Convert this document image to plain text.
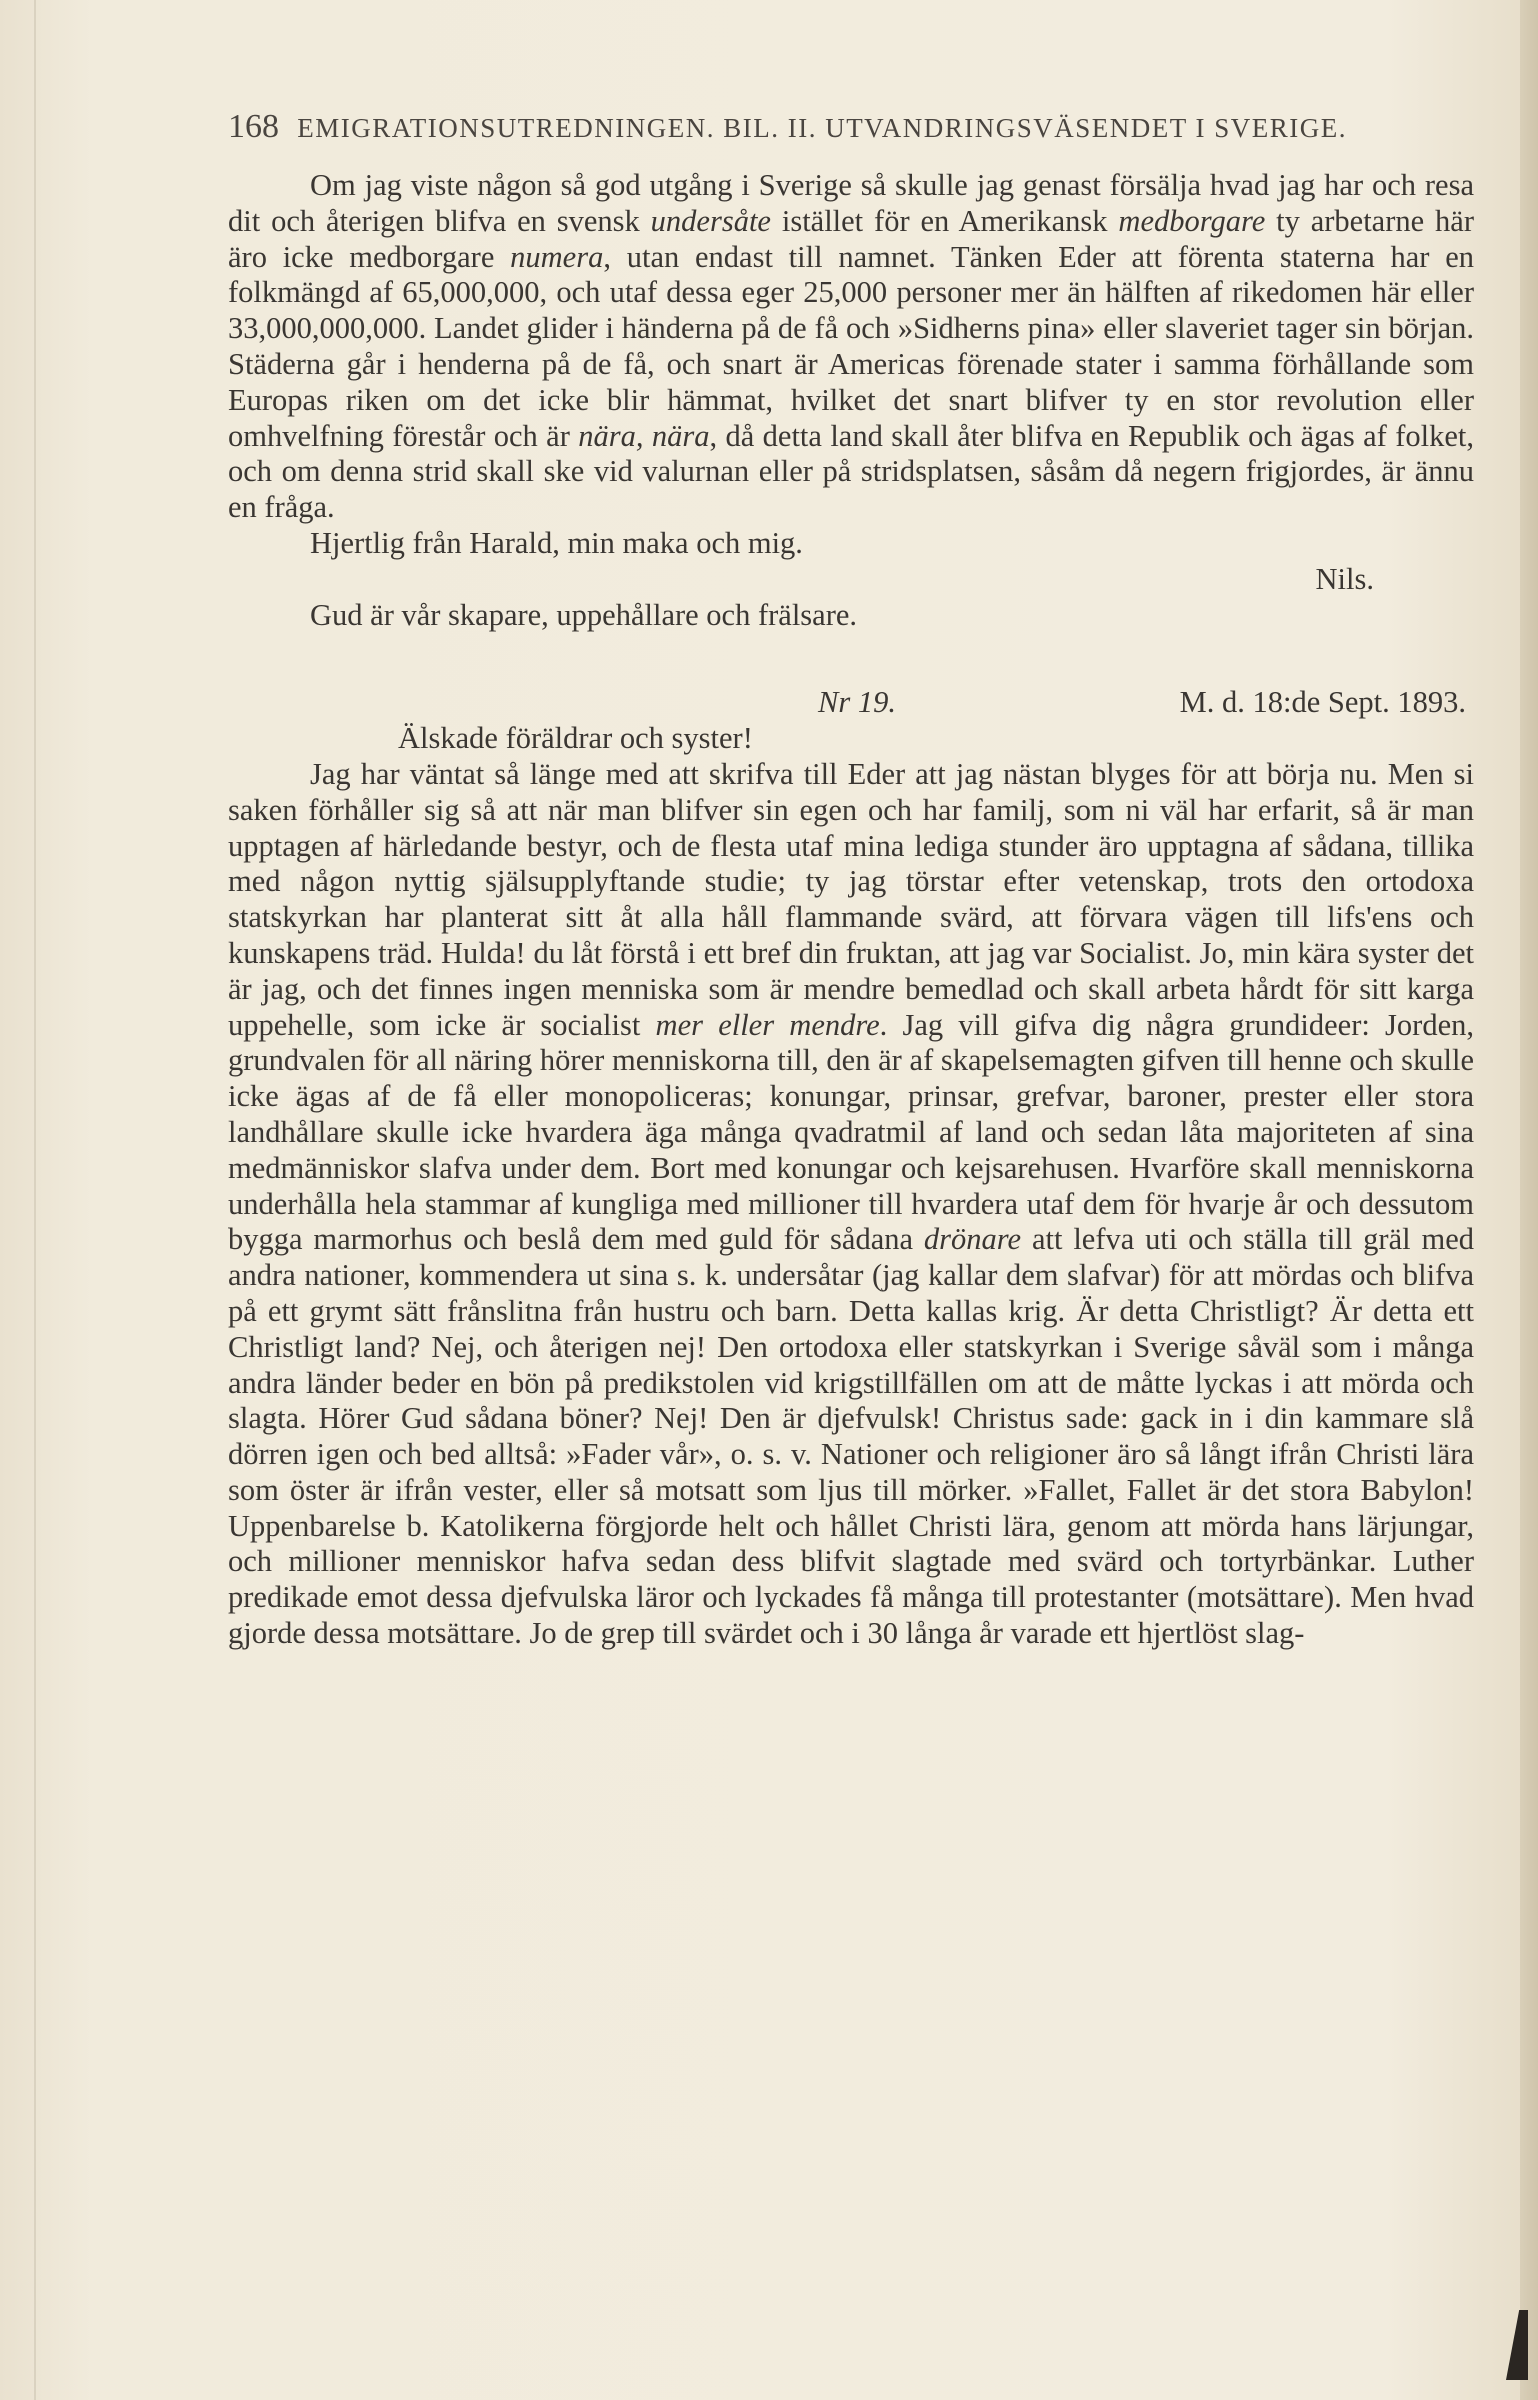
168 EMIGRATIONSUTREDNINGEN. BIL. II. UTVANDRINGSVÄSENDET I SVERIGE.

Om jag viste någon så god utgång i Sverige så skulle jag genast försälja hvad jag har och resa dit och återigen blifva en svensk undersåte istället för en Amerikansk medborgare ty arbetarne här äro icke medborgare numera, utan endast till namnet. Tänken Eder att förenta staterna har en folkmängd af 65,000,000, och utaf dessa eger 25,000 personer mer än hälften af rikedomen här eller 33,000,000,000. Landet glider i händerna på de få och »Sidherns pina» eller slaveriet tager sin början. Städerna går i henderna på de få, och snart är Americas förenade stater i samma förhållande som Europas riken om det icke blir hämmat, hvilket det snart blifver ty en stor revolution eller omhvelfning förestår och är nära, nära, då detta land skall åter blifva en Republik och ägas af folket, och om denna strid skall ske vid valurnan eller på stridsplatsen, såsåm då negern frigjordes, är ännu en fråga.

Hjertlig från Harald, min maka och mig.

Nils.

Gud är vår skapare, uppehållare och frälsare.

Nr 19.	M. d. 18:de Sept. 1893.

Älskade föräldrar och syster!

Jag har väntat så länge med att skrifva till Eder att jag nästan blyges för att börja nu. Men si saken förhåller sig så att när man blifver sin egen och har familj, som ni väl har erfarit, så är man upptagen af härledande bestyr, och de flesta utaf mina lediga stunder äro upptagna af sådana, tillika med någon nyttig själsupplyftande studie; ty jag törstar efter vetenskap, trots den ortodoxa statskyrkan har planterat sitt åt alla håll flammande svärd, att förvara vägen till lifs'ens och kunskapens träd. Hulda! du låt förstå i ett bref din fruktan, att jag var Socialist. Jo, min kära syster det är jag, och det finnes ingen menniska som är mendre bemedlad och skall arbeta hårdt för sitt karga uppehelle, som icke är socialist mer eller mendre. Jag vill gifva dig några grundideer: Jorden, grundvalen för all näring hörer menniskorna till, den är af skapelsemagten gifven till henne och skulle icke ägas af de få eller monopoliceras; konungar, prinsar, grefvar, baroner, prester eller stora landhållare skulle icke hvardera äga många qvadratmil af land och sedan låta majoriteten af sina medmänniskor slafva under dem. Bort med konungar och kejsarehusen. Hvarföre skall menniskorna underhålla hela stammar af kungliga med millioner till hvardera utaf dem för hvarje år och dessutom bygga marmorhus och beslå dem med guld för sådana drönare att lefva uti och ställa till gräl med andra nationer, kommendera ut sina s. k. undersåtar (jag kallar dem slafvar) för att mördas och blifva på ett grymt sätt frånslitna från hustru och barn. Detta kallas krig. Är detta Christligt? Är detta ett Christligt land? Nej, och återigen nej! Den ortodoxa eller statskyrkan i Sverige såväl som i många andra länder beder en bön på predikstolen vid krigstillfällen om att de måtte lyckas i att mörda och slagta. Hörer Gud sådana böner? Nej! Den är djefvulsk! Christus sade: gack in i din kammare slå dörren igen och bed alltså: »Fader vår», o. s. v. Nationer och religioner äro så långt ifrån Christi lära som öster är ifrån vester, eller så motsatt som ljus till mörker. »Fallet, Fallet är det stora Babylon! Uppenbarelse b. Katolikerna förgjorde helt och hållet Christi lära, genom att mörda hans lärjungar, och millioner menniskor hafva sedan dess blifvit slagtade med svärd och tortyrbänkar. Luther predikade emot dessa djefvulska läror och lyckades få många till protestanter (motsättare). Men hvad gjorde dessa motsättare. Jo de grep till svärdet och i 30 långa år varade ett hjertlöst slag-
